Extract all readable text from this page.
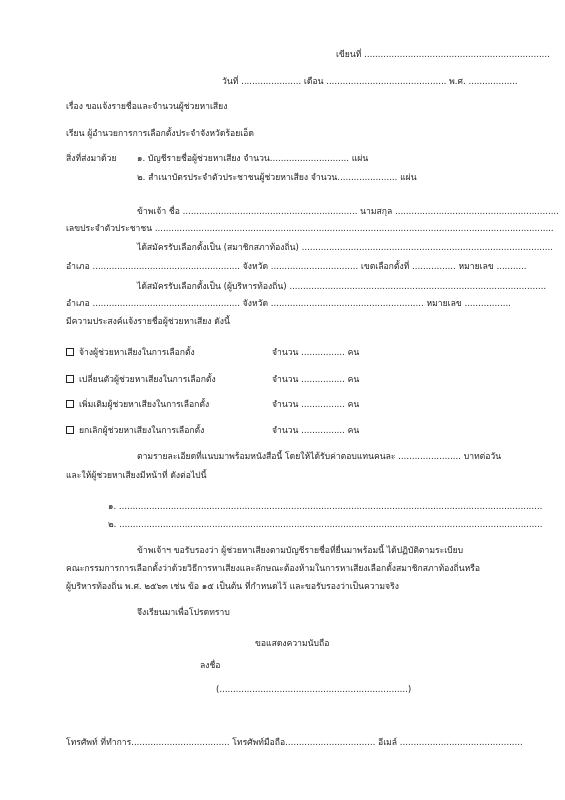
เขียนที่ ....................................................................
วันที่ ...................... เดือน ............................................ พ.ศ. ..................
เรื่อง ขอแจ้งรายชื่อและจำนวนผู้ช่วยหาเสียง
เรียน ผู้อำนวยการการเลือกตั้งประจำจังหวัดร้อยเอ็ด
สิ่งที่ส่งมาด้วย ๑. บัญชีรายชื่อผู้ช่วยหาเสียง จำนวน............................. แผ่น
๒. สำเนาบัตรประจำตัวประชาชนผู้ช่วยหาเสียง จำนวน...................... แผ่น
ข้าพเจ้า ชื่อ ................................................................ นามสกุล ............................................................
เลขประจำตัวประชาชน ..................................................................................................................................................
ได้สมัครรับเลือกตั้งเป็น (สมาชิกสภาท้องถิ่น) ............................................................................................
อำเภอ ...................................................... จังหวัด ................................ เขตเลือกตั้งที่ ................ หมายเลข ...........
ได้สมัครรับเลือกตั้งเป็น (ผู้บริหารท้องถิ่น) ..............................................................................................
อำเภอ ...................................................... จังหวัด ........................................................ หมายเลข .................
มีความประสงค์แจ้งรายชื่อผู้ช่วยหาเสียง ดังนี้
จ้างผู้ช่วยหาเสียงในการเลือกตั้ง	จำนวน ................ คน
เปลี่ยนตัวผู้ช่วยหาเสียงในการเลือกตั้ง	จำนวน ................ คน
เพิ่มเติมผู้ช่วยหาเสียงในการเลือกตั้ง	จำนวน ................ คน
ยกเลิกผู้ช่วยหาเสียงในการเลือกตั้ง	จำนวน ................ คน
ตามรายละเอียดที่แนบมาพร้อมหนังสือนี้ โดยให้ได้รับค่าตอบแทนคนละ ....................... บาทต่อวัน
และให้ผู้ช่วยหาเสียงมีหน้าที่ ดังต่อไปนี้
๑. ...........................................................................................................................................................
๒. ...........................................................................................................................................................
ข้าพเจ้าฯ ขอรับรองว่า ผู้ช่วยหาเสียงตามบัญชีรายชื่อที่ยื่นมาพร้อมนี้ ได้ปฏิบัติตามระเบียบ
คณะกรรมการการเลือกตั้งว่าด้วยวิธีการหาเสียงและลักษณะต้องห้ามในการหาเสียงเลือกตั้งสมาชิกสภาท้องถิ่นหรือ
ผู้บริหารท้องถิ่น พ.ศ. ๒๕๖๓ เช่น ข้อ ๑๕ เป็นต้น ที่กำหนดไว้ และขอรับรองว่าเป็นความจริง
จึงเรียนมาเพื่อโปรดทราบ
ขอแสดงความนับถือ
ลงชื่อ
(.....................................................................)
โทรศัพท์ ที่ทำการ.................................... โทรศัพท์มือถือ................................. อีเมล์ .............................................
